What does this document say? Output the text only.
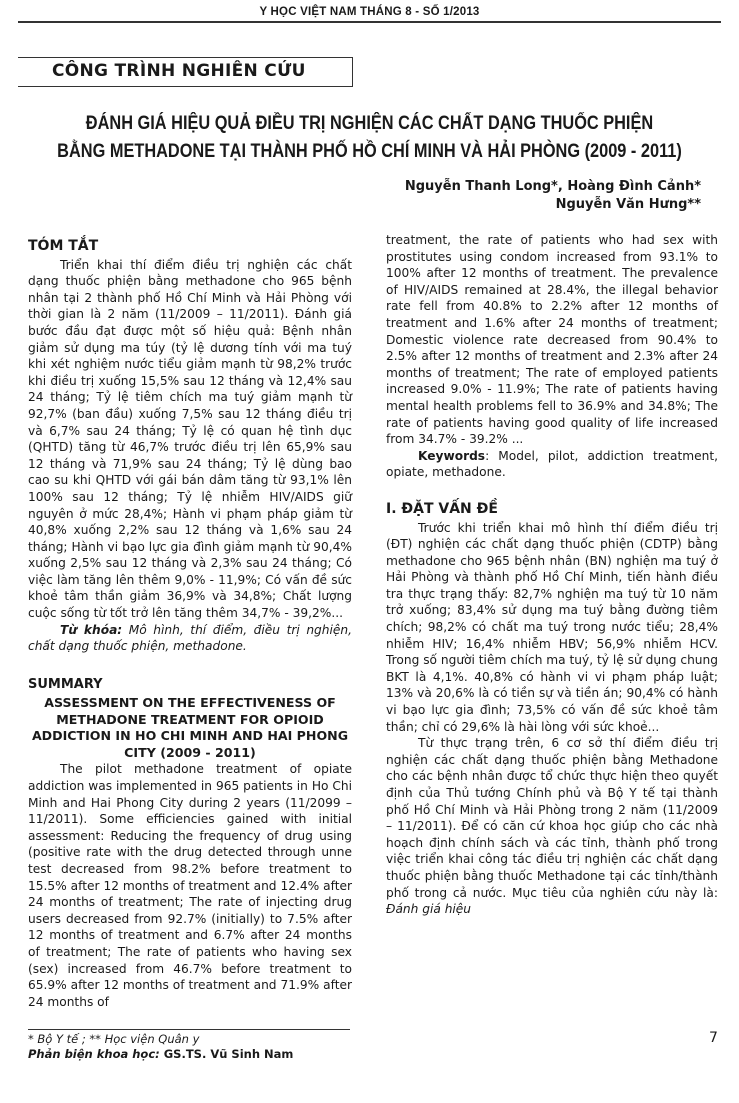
Y HỌC VIỆT NAM THÁNG 8 - SỐ 1/2013
CÔNG TRÌNH NGHIÊN CỨU
ĐÁNH GIÁ HIỆU QUẢ ĐIỀU TRỊ NGHIỆN CÁC CHẤT DẠNG THUỐC PHIỆN
BẰNG METHADONE TẠI THÀNH PHỐ HỒ CHÍ MINH VÀ HẢI PHÒNG (2009 - 2011)
Nguyễn Thanh Long*, Hoàng Đình Cảnh*
Nguyễn Văn Hưng**
TÓM TẮT

Triển khai thí điểm điều trị nghiện các chất dạng thuốc phiện bằng methadone cho 965 bệnh nhân tại 2 thành phố Hồ Chí Minh và Hải Phòng với thời gian là 2 năm (11/2009 – 11/2011). Đánh giá bước đầu đạt được một số hiệu quả: Bệnh nhân giảm sử dụng ma túy (tỷ lệ dương tính với ma tuý khi xét nghiệm nước tiểu giảm mạnh từ 98,2% trước khi điều trị xuống 15,5% sau 12 tháng và 12,4% sau 24 tháng; Tỷ lệ tiêm chích ma tuý giảm mạnh từ 92,7% (ban đầu) xuống 7,5% sau 12 tháng điều trị và 6,7% sau 24 tháng; Tỷ lệ có quan hệ tình dục (QHTD) tăng từ 46,7% trước điều trị lên 65,9% sau 12 tháng và 71,9% sau 24 tháng; Tỷ lệ dùng bao cao su khi QHTD với gái bán dâm tăng từ 93,1% lên 100% sau 12 tháng; Tỷ lệ nhiễm HIV/AIDS giữ nguyên ở mức 28,4%; Hành vi phạm pháp giảm từ 40,8% xuống 2,2% sau 12 tháng và 1,6% sau 24 tháng; Hành vi bạo lực gia đình giảm mạnh từ 90,4% xuống 2,5% sau 12 tháng và 2,3% sau 24 tháng; Có việc làm tăng lên thêm 9,0% - 11,9%; Có vấn đề sức khoẻ tâm thần giảm 36,9% và 34,8%; Chất lượng cuộc sống từ tốt trở lên tăng thêm 34,7% - 39,2%...

Từ khóa: Mô hình, thí điểm, điều trị nghiện, chất dạng thuốc phiện, methadone.

SUMMARY
ASSESSMENT ON THE EFFECTIVENESS OF METHADONE TREATMENT FOR OPIOID ADDICTION IN HO CHI MINH AND HAI PHONG CITY (2009 - 2011)

The pilot methadone treatment of opiate addiction was implemented in 965 patients in Ho Chi Minh and Hai Phong City during 2 years (11/2099 – 11/2011). Some efficiencies gained with initial assessment: Reducing the frequency of drug using (positive rate with the drug detected through unne test decreased from 98.2% before treatment to 15.5% after 12 months of treatment and 12.4% after 24 months of treatment; The rate of injecting drug users decreased from 92.7% (initially) to 7.5% after 12 months of treatment and 6.7% after 24 months of treatment; The rate of patients who having sex (sex) increased from 46.7% before treatment to 65.9% after 12 months of treatment and 71.9% after 24 months of

treatment, the rate of patients who had sex with prostitutes using condom increased from 93.1% to 100% after 12 months of treatment. The prevalence of HIV/AIDS remained at 28.4%, the illegal behavior rate fell from 40.8% to 2.2% after 12 months of treatment and 1.6% after 24 months of treatment; Domestic violence rate decreased from 90.4% to 2.5% after 12 months of treatment and 2.3% after 24 months of treatment; The rate of employed patients increased 9.0% - 11.9%; The rate of patients having mental health problems fell to 36.9% and 34.8%; The rate of patients having good quality of life increased from 34.7% - 39.2% ...

Keywords: Model, pilot, addiction treatment, opiate, methadone.

I. ĐẶT VẤN ĐỀ

Trước khi triển khai mô hình thí điểm điều trị (ĐT) nghiện các chất dạng thuốc phiện (CDTP) bằng methadone cho 965 bệnh nhân (BN) nghiện ma tuý ở Hải Phòng và thành phố Hồ Chí Minh, tiến hành điều tra thực trạng thấy: 82,7% nghiện ma tuý từ 10 năm trở xuống; 83,4% sử dụng ma tuý bằng đường tiêm chích; 98,2% có chất ma tuý trong nước tiểu; 28,4% nhiễm HIV; 16,4% nhiễm HBV; 56,9% nhiễm HCV. Trong số người tiêm chích ma tuý, tỷ lệ sử dụng chung BKT là 4,1%. 40,8% có hành vi vi phạm pháp luật; 13% và 20,6% là có tiền sự và tiền án; 90,4% có hành vi bạo lực gia đình; 73,5% có vấn đề sức khoẻ tâm thần; chỉ có 29,6% là hài lòng với sức khoẻ...

Từ thực trạng trên, 6 cơ sở thí điểm điều trị nghiện các chất dạng thuốc phiện bằng Methadone cho các bệnh nhân được tổ chức thực hiện theo quyết định của Thủ tướng Chính phủ và Bộ Y tế tại thành phố Hồ Chí Minh và Hải Phòng trong 2 năm (11/2009 – 11/2011). Để có căn cứ khoa học giúp cho các nhà hoạch định chính sách và các tỉnh, thành phố trong việc triển khai công tác điều trị nghiện các chất dạng thuốc phiện bằng thuốc Methadone tại các tỉnh/thành phố trong cả nước. Mục tiêu của nghiên cứu này là: Đánh giá hiệu

* Bộ Y tế ; ** Học viện Quân y
Phản biện khoa học: GS.TS. Vũ Sinh Nam
7
